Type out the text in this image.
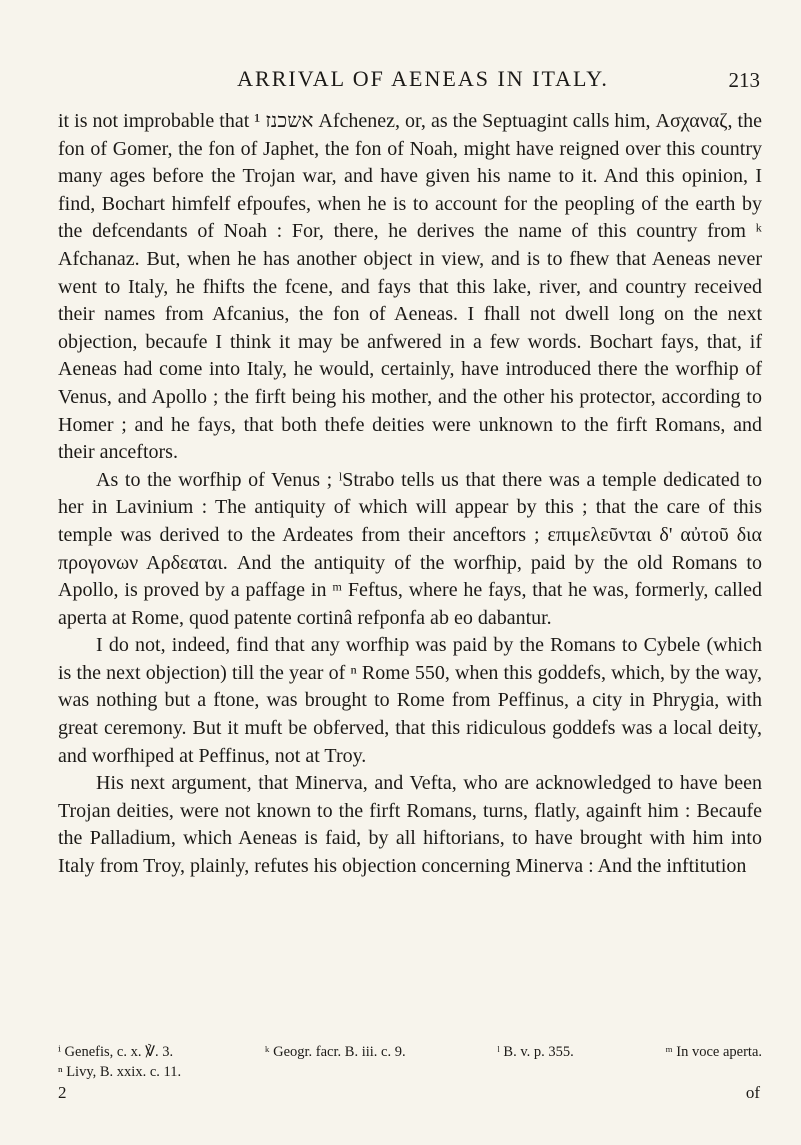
ARRIVAL OF AENEAS IN ITALY.	213

it is not improbable that אשכנז ¹ Afchenez, or, as the Septuagint calls him, Ασχαναζ, the fon of Gomer, the fon of Japhet, the fon of Noah, might have reigned over this country many ages before the Trojan war, and have given his name to it. And this opinion, I find, Bochart himfelf efpoufes, when he is to account for the peopling of the earth by the defcendants of Noah : For, there, he derives the name of this country from ᵏ Afchanaz. But, when he has another object in view, and is to fhew that Aeneas never went to Italy, he fhifts the fcene, and fays that this lake, river, and country received their names from Afcanius, the fon of Aeneas. I fhall not dwell long on the next objection, becaufe I think it may be anfwered in a few words. Bochart fays, that, if Aeneas had come into Italy, he would, certainly, have introduced there the worfhip of Venus, and Apollo ; the firft being his mother, and the other his protector, according to Homer ; and he fays, that both thefe deities were unknown to the firft Romans, and their anceftors.

As to the worfhip of Venus ; ˡStrabo tells us that there was a temple dedicated to her in Lavinium : The antiquity of which will appear by this ; that the care of this temple was derived to the Ardeates from their anceftors ; επιμελεῦνται δ' αὐτοῦ δια προγονων Αρδεαται. And the antiquity of the worfhip, paid by the old Romans to Apollo, is proved by a paffage in ᵐ Feftus, where he fays, that he was, formerly, called aperta at Rome, quod patente cortinâ refponfa ab eo dabantur.

I do not, indeed, find that any worfhip was paid by the Romans to Cybele (which is the next objection) till the year of ⁿ Rome 550, when this goddefs, which, by the way, was nothing but a ftone, was brought to Rome from Peffinus, a city in Phrygia, with great ceremony. But it muft be obferved, that this ridiculous goddefs was a local deity, and worfhiped at Peffinus, not at Troy.

His next argument, that Minerva, and Vefta, who are acknowledged to have been Trojan deities, were not known to the firft Romans, turns, flatly, againft him : Becaufe the Palladium, which Aeneas is faid, by all hiftorians, to have brought with him into Italy from Troy, plainly, refutes his objection concerning Minerva : And the inftitution

ⁱ Genefis, c. x. ℣. 3.	ᵏ Geogr. facr. B. iii. c. 9.	ˡ B. v. p. 355.	ᵐ In voce aperta.
ⁿ Livy, B. xxix. c. 11.
2	of
